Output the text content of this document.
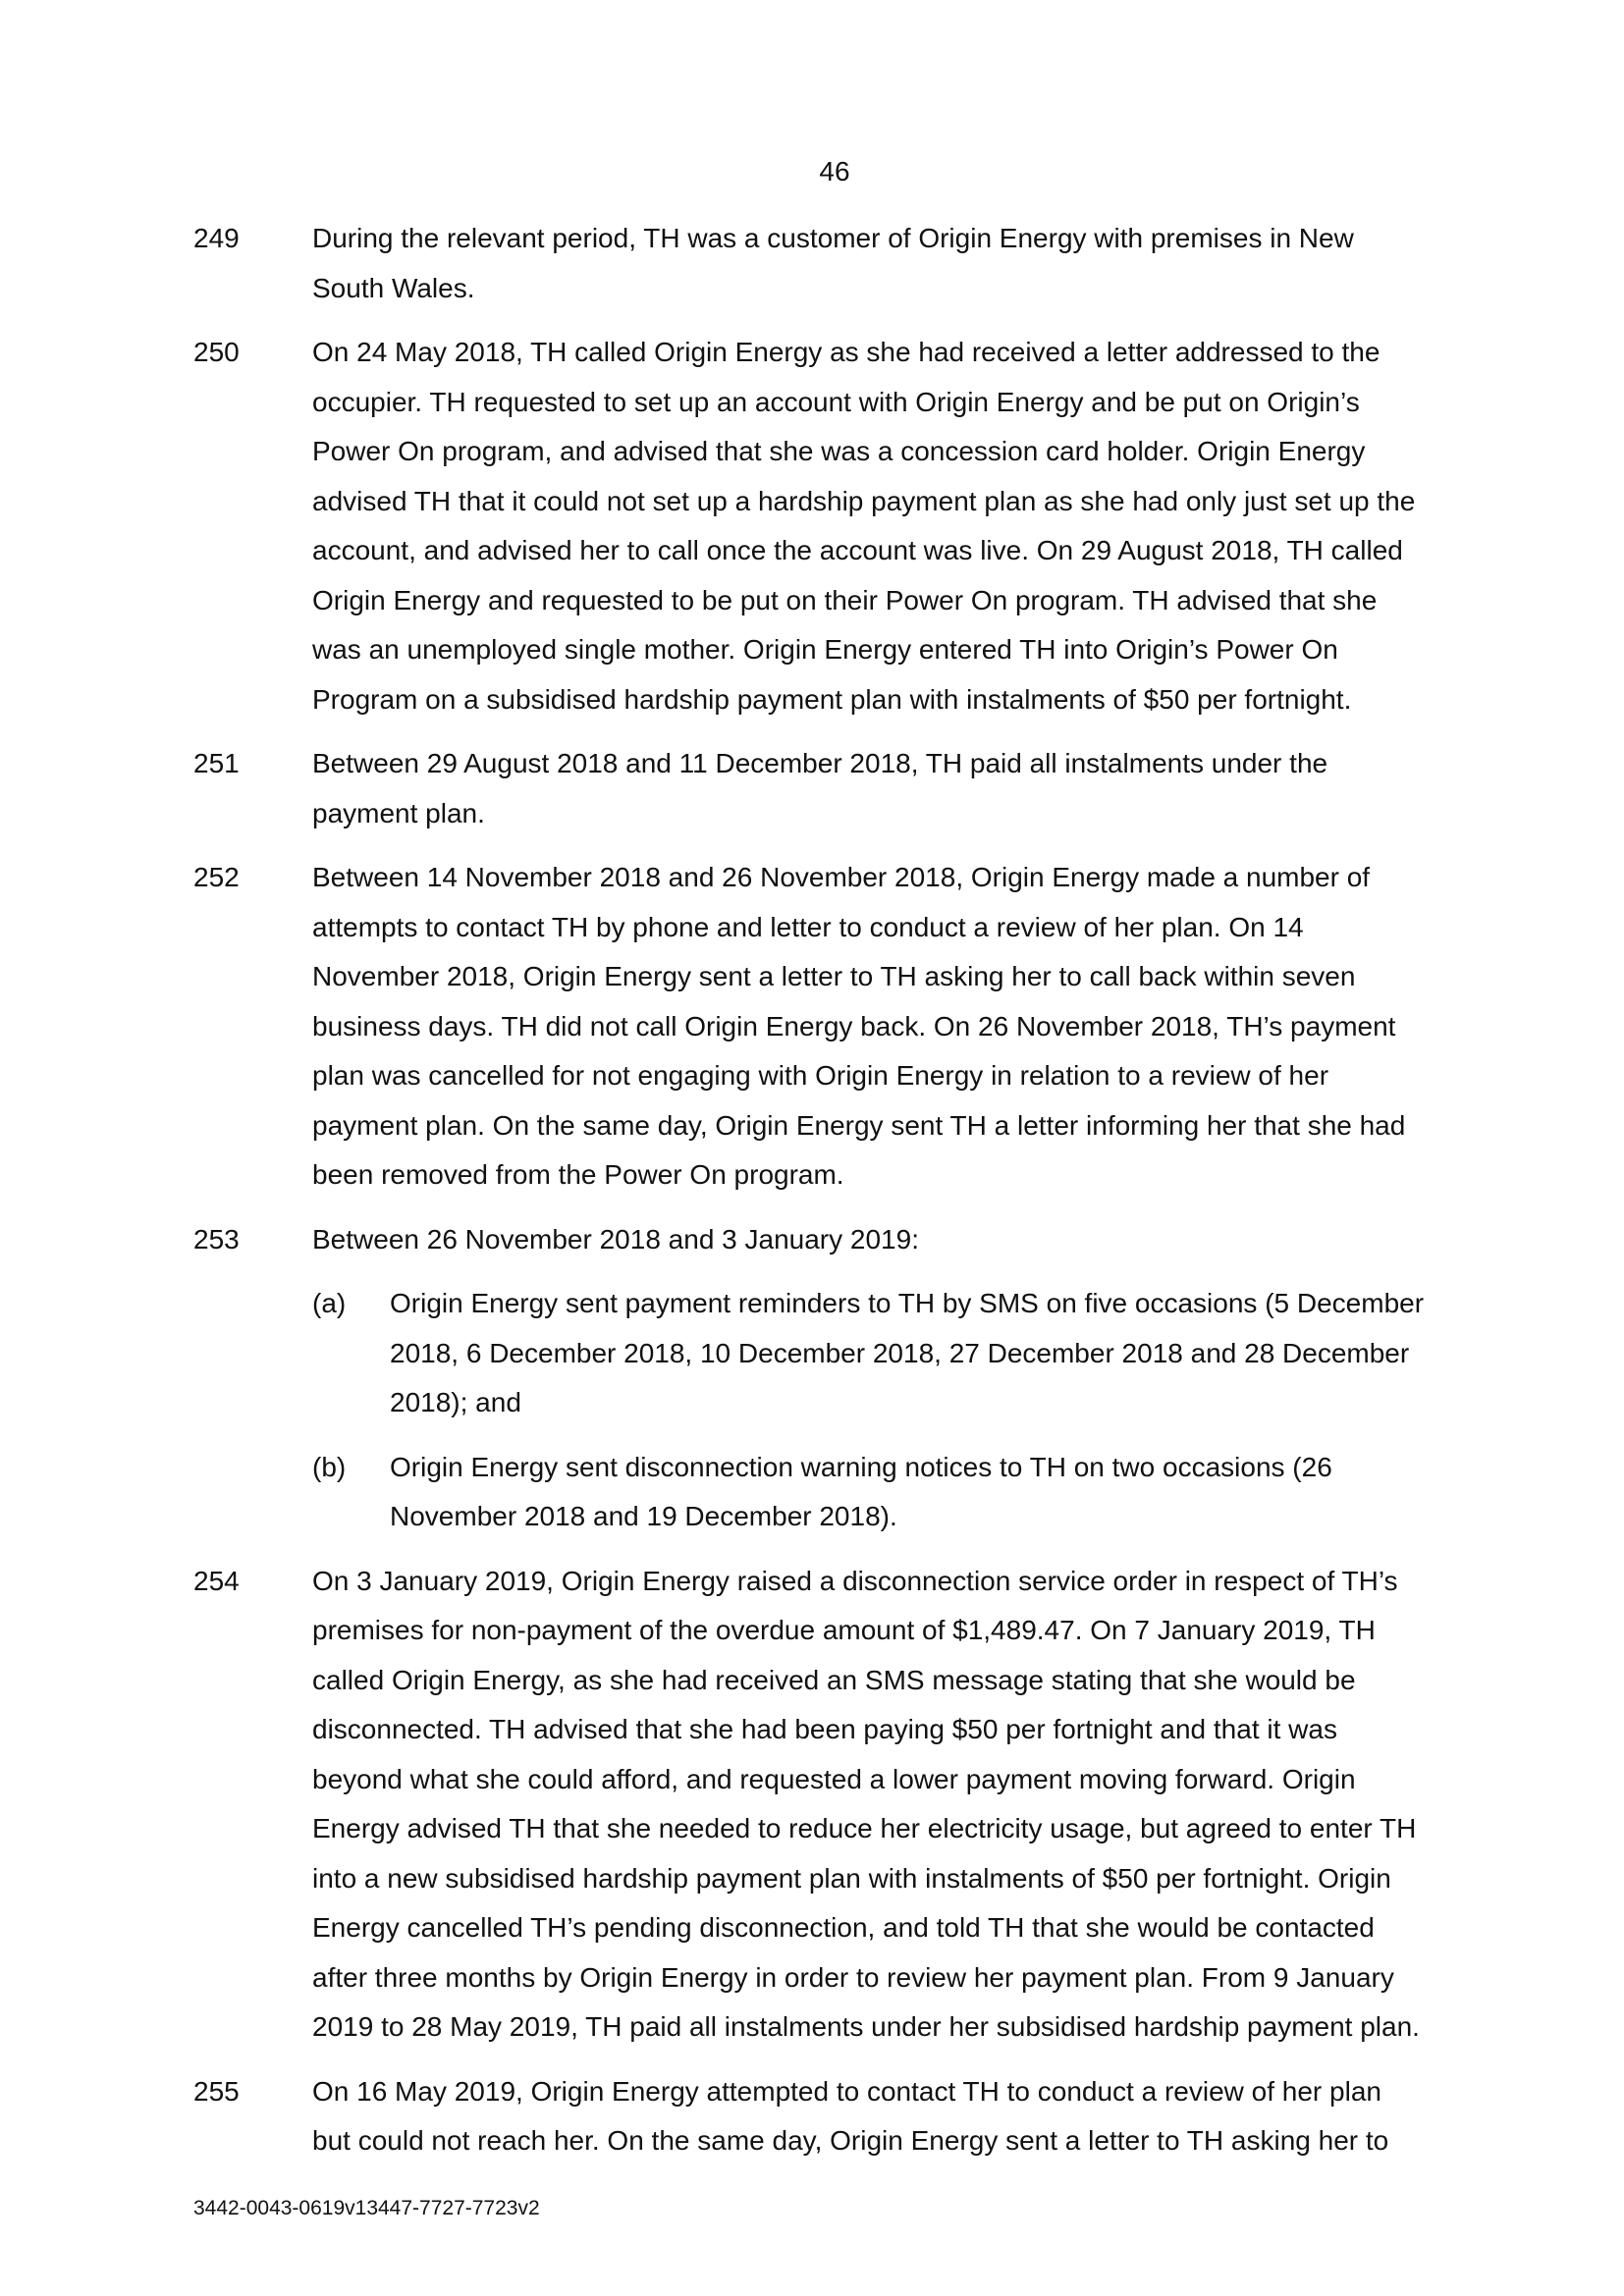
46
249	During the relevant period, TH was a customer of Origin Energy with premises in New
South Wales.
250	On 24 May 2018, TH called Origin Energy as she had received a letter addressed to the
occupier. TH requested to set up an account with Origin Energy and be put on Origin’s
Power On program, and advised that she was a concession card holder. Origin Energy
advised TH that it could not set up a hardship payment plan as she had only just set up the
account, and advised her to call once the account was live. On 29 August 2018, TH called
Origin Energy and requested to be put on their Power On program. TH advised that she
was an unemployed single mother. Origin Energy entered TH into Origin’s Power On
Program on a subsidised hardship payment plan with instalments of $50 per fortnight.
251	Between 29 August 2018 and 11 December 2018, TH paid all instalments under the
payment plan.
252	Between 14 November 2018 and 26 November 2018, Origin Energy made a number of
attempts to contact TH by phone and letter to conduct a review of her plan. On 14
November 2018, Origin Energy sent a letter to TH asking her to call back within seven
business days. TH did not call Origin Energy back. On 26 November 2018, TH’s payment
plan was cancelled for not engaging with Origin Energy in relation to a review of her
payment plan. On the same day, Origin Energy sent TH a letter informing her that she had
been removed from the Power On program.
253	Between 26 November 2018 and 3 January 2019:
(a) Origin Energy sent payment reminders to TH by SMS on five occasions (5 December
2018, 6 December 2018, 10 December 2018, 27 December 2018 and 28 December
2018); and
(b) Origin Energy sent disconnection warning notices to TH on two occasions (26
November 2018 and 19 December 2018).
254	On 3 January 2019, Origin Energy raised a disconnection service order in respect of TH’s
premises for non-payment of the overdue amount of $1,489.47. On 7 January 2019, TH
called Origin Energy, as she had received an SMS message stating that she would be
disconnected. TH advised that she had been paying $50 per fortnight and that it was
beyond what she could afford, and requested a lower payment moving forward. Origin
Energy advised TH that she needed to reduce her electricity usage, but agreed to enter TH
into a new subsidised hardship payment plan with instalments of $50 per fortnight. Origin
Energy cancelled TH’s pending disconnection, and told TH that she would be contacted
after three months by Origin Energy in order to review her payment plan. From 9 January
2019 to 28 May 2019, TH paid all instalments under her subsidised hardship payment plan.
255	On 16 May 2019, Origin Energy attempted to contact TH to conduct a review of her plan
but could not reach her. On the same day, Origin Energy sent a letter to TH asking her to
3442-0043-0619v13447-7727-7723v2
